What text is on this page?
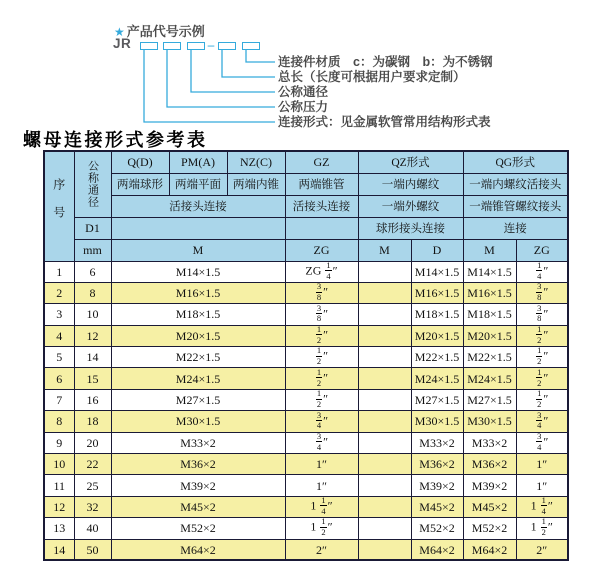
★ 产品代号示例
JR	–
连接件材质　c：为碳钢　b：为不锈钢
总长（长度可根据用户要求定制）
公称通径
公称压力
连接形式：见金属软管常用结构形式表
螺母连接形式参考表
序号	公称通径	Q(D)	PM(A)	NZ(C)	GZ	QZ形式		QG形式	
		两端球形	两端平面	两端内锥	两端锥管	一端内螺纹		一端内螺纹活接头	
		活接头连接			活接头连接	一端外螺纹		一端锥管螺纹接头	
	D1					球形接头连接		连接	
	mm	M			ZG	M	D	M	ZG
1	6	M14×1.5			ZG $\frac{1}{4}$ ″		M14×1.5	M14×1.5	$\frac{1}{4}$ ″
2	8	M16×1.5			$\frac{3}{8}$ ″		M16×1.5	M16×1.5	$\frac{3}{8}$ ″
3	10	M18×1.5			$\frac{3}{8}$ ″		M18×1.5	M18×1.5	$\frac{3}{8}$ ″
4	12	M20×1.5			$\frac{1}{2}$ ″		M20×1.5	M20×1.5	$\frac{1}{2}$ ″
5	14	M22×1.5			$\frac{1}{2}$ ″		M22×1.5	M22×1.5	$\frac{1}{2}$ ″
6	15	M24×1.5			$\frac{1}{2}$ ″		M24×1.5	M24×1.5	$\frac{1}{2}$ ″
7	16	M27×1.5			$\frac{1}{2}$ ″		M27×1.5	M27×1.5	$\frac{1}{2}$ ″
8	18	M30×1.5			$\frac{3}{4}$ ″		M30×1.5	M30×1.5	$\frac{3}{4}$ ″
9	20	M33×2			$\frac{3}{4}$ ″		M33×2	M33×2	$\frac{3}{4}$ ″
10	22	M36×2			1″		M36×2	M36×2	1″
11	25	M39×2			1″		M39×2	M39×2	1″
12	32	M45×2			$1 \frac{1}{4}$ ″		M45×2	M45×2	$1 \frac{1}{4}$ ″
13	40	M52×2			$1 \frac{1}{2}$ ″		M52×2	M52×2	$1 \frac{1}{2}$ ″
14	50	M64×2			2″		M64×2	M64×2	2″
